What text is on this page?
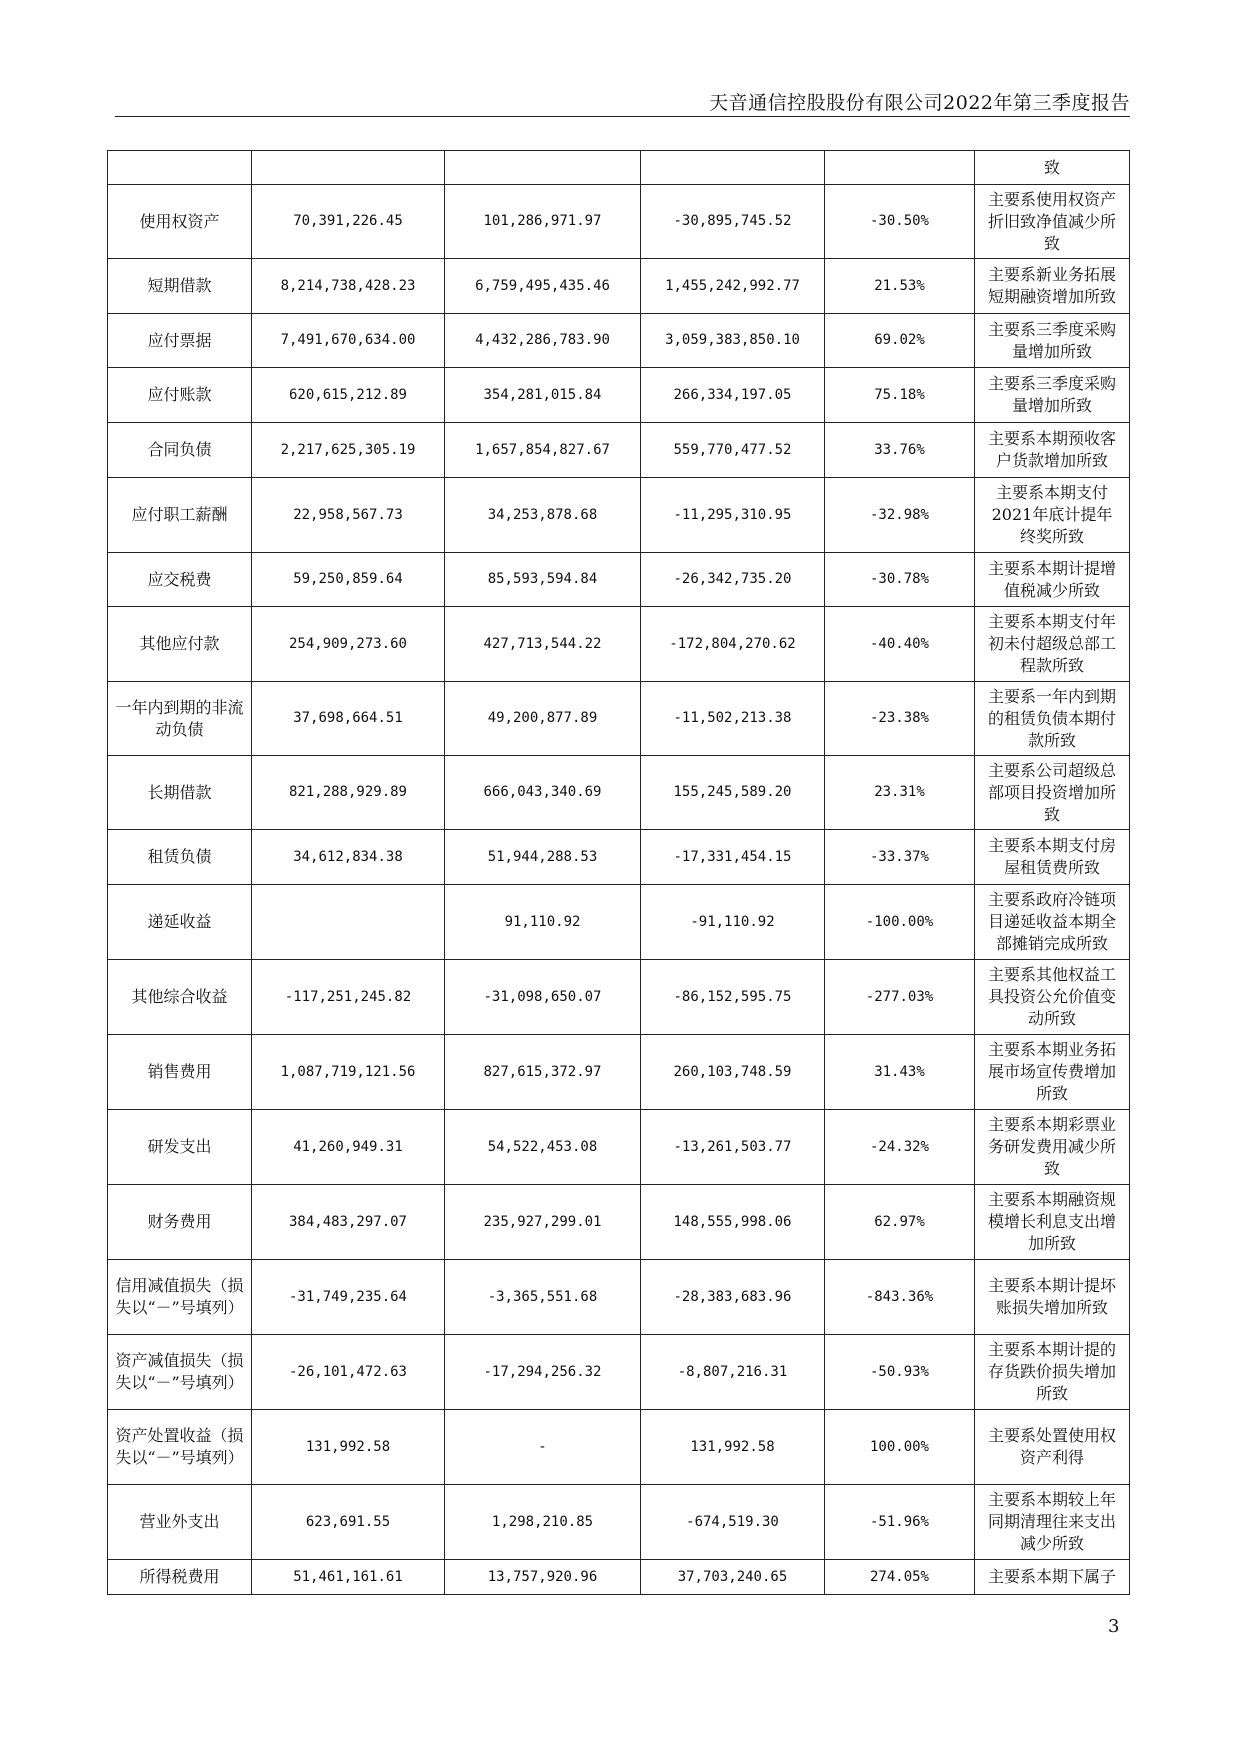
天音通信控股股份有限公司2022年第三季度报告
					致
使用权资产	70,391,226.45	101,286,971.97	-30,895,745.52	-30.50%	主要系使用权资产折旧致净值减少所致
短期借款	8,214,738,428.23	6,759,495,435.46	1,455,242,992.77	21.53%	主要系新业务拓展短期融资增加所致
应付票据	7,491,670,634.00	4,432,286,783.90	3,059,383,850.10	69.02%	主要系三季度采购量增加所致
应付账款	620,615,212.89	354,281,015.84	266,334,197.05	75.18%	主要系三季度采购量增加所致
合同负债	2,217,625,305.19	1,657,854,827.67	559,770,477.52	33.76%	主要系本期预收客户货款增加所致
应付职工薪酬	22,958,567.73	34,253,878.68	-11,295,310.95	-32.98%	主要系本期支付2021年底计提年终奖所致
应交税费	59,250,859.64	85,593,594.84	-26,342,735.20	-30.78%	主要系本期计提增值税减少所致
其他应付款	254,909,273.60	427,713,544.22	-172,804,270.62	-40.40%	主要系本期支付年初未付超级总部工程款所致
一年内到期的非流动负债	37,698,664.51	49,200,877.89	-11,502,213.38	-23.38%	主要系一年内到期的租赁负债本期付款所致
长期借款	821,288,929.89	666,043,340.69	155,245,589.20	23.31%	主要系公司超级总部项目投资增加所致
租赁负债	34,612,834.38	51,944,288.53	-17,331,454.15	-33.37%	主要系本期支付房屋租赁费所致
递延收益		91,110.92	-91,110.92	-100.00%	主要系政府冷链项目递延收益本期全部摊销完成所致
其他综合收益	-117,251,245.82	-31,098,650.07	-86,152,595.75	-277.03%	主要系其他权益工具投资公允价值变动所致
销售费用	1,087,719,121.56	827,615,372.97	260,103,748.59	31.43%	主要系本期业务拓展市场宣传费增加所致
研发支出	41,260,949.31	54,522,453.08	-13,261,503.77	-24.32%	主要系本期彩票业务研发费用减少所致
财务费用	384,483,297.07	235,927,299.01	148,555,998.06	62.97%	主要系本期融资规模增长利息支出增加所致
信用减值损失（损失以“－”号填列）	-31,749,235.64	-3,365,551.68	-28,383,683.96	-843.36%	主要系本期计提坏账损失增加所致
资产减值损失（损失以“－”号填列）	-26,101,472.63	-17,294,256.32	-8,807,216.31	-50.93%	主要系本期计提的存货跌价损失增加所致
资产处置收益（损失以“－”号填列）	131,992.58	-	131,992.58	100.00%	主要系处置使用权资产利得
营业外支出	623,691.55	1,298,210.85	-674,519.30	-51.96%	主要系本期较上年同期清理往来支出减少所致
所得税费用	51,461,161.61	13,757,920.96	37,703,240.65	274.05%	主要系本期下属子
3
